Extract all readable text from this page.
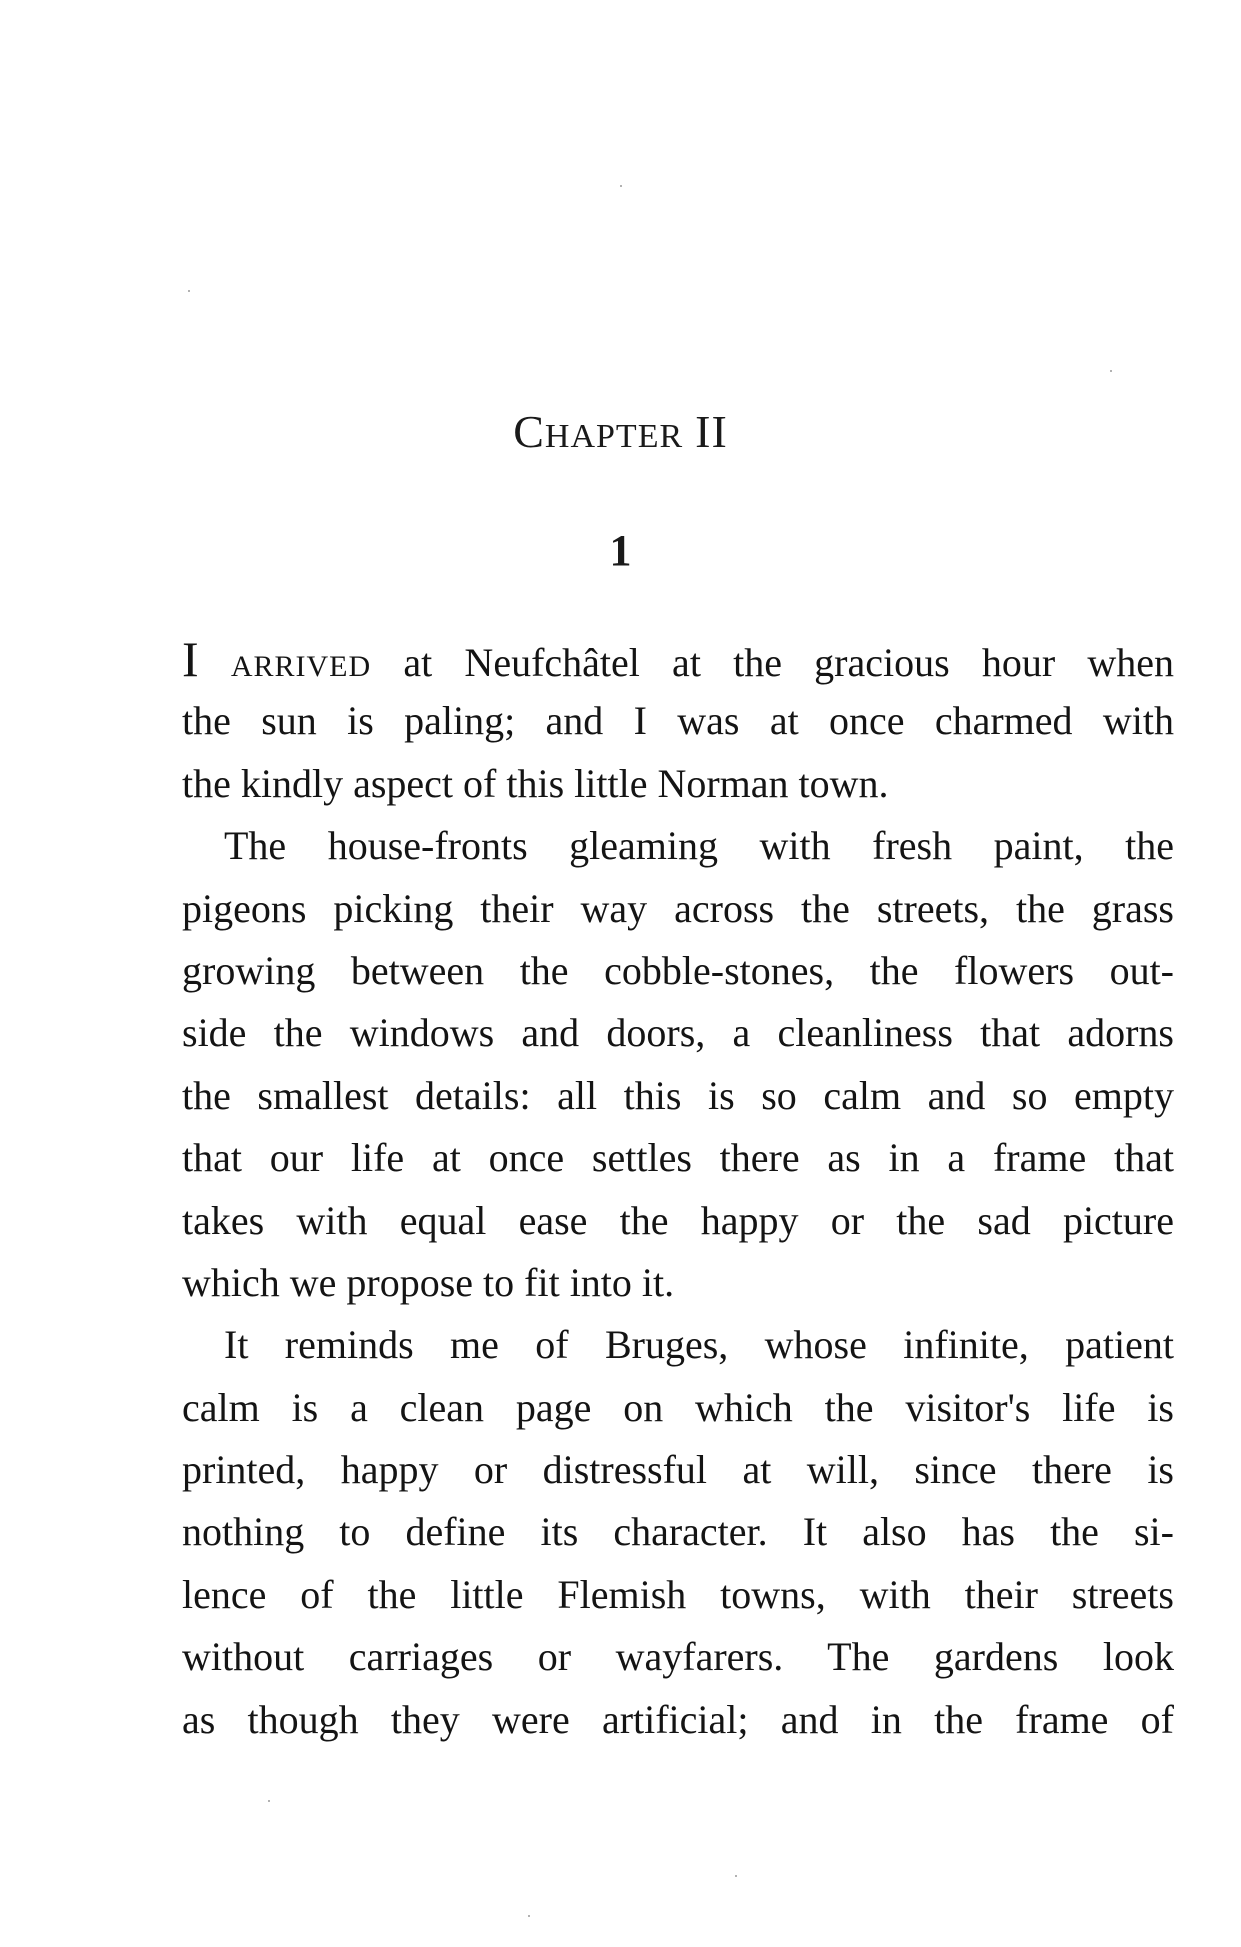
CHAPTER II
1
I ARRIVED at Neufchâtel at the gracious hour when
the sun is paling; and I was at once charmed with
the kindly aspect of this little Norman town.
The house-fronts gleaming with fresh paint, the
pigeons picking their way across the streets, the grass
growing between the cobble-stones, the flowers out-
side the windows and doors, a cleanliness that adorns
the smallest details: all this is so calm and so empty
that our life at once settles there as in a frame that
takes with equal ease the happy or the sad picture
which we propose to fit into it.
It reminds me of Bruges, whose infinite, patient
calm is a clean page on which the visitor's life is
printed, happy or distressful at will, since there is
nothing to define its character. It also has the si-
lence of the little Flemish towns, with their streets
without carriages or wayfarers. The gardens look
as though they were artificial; and in the frame of
